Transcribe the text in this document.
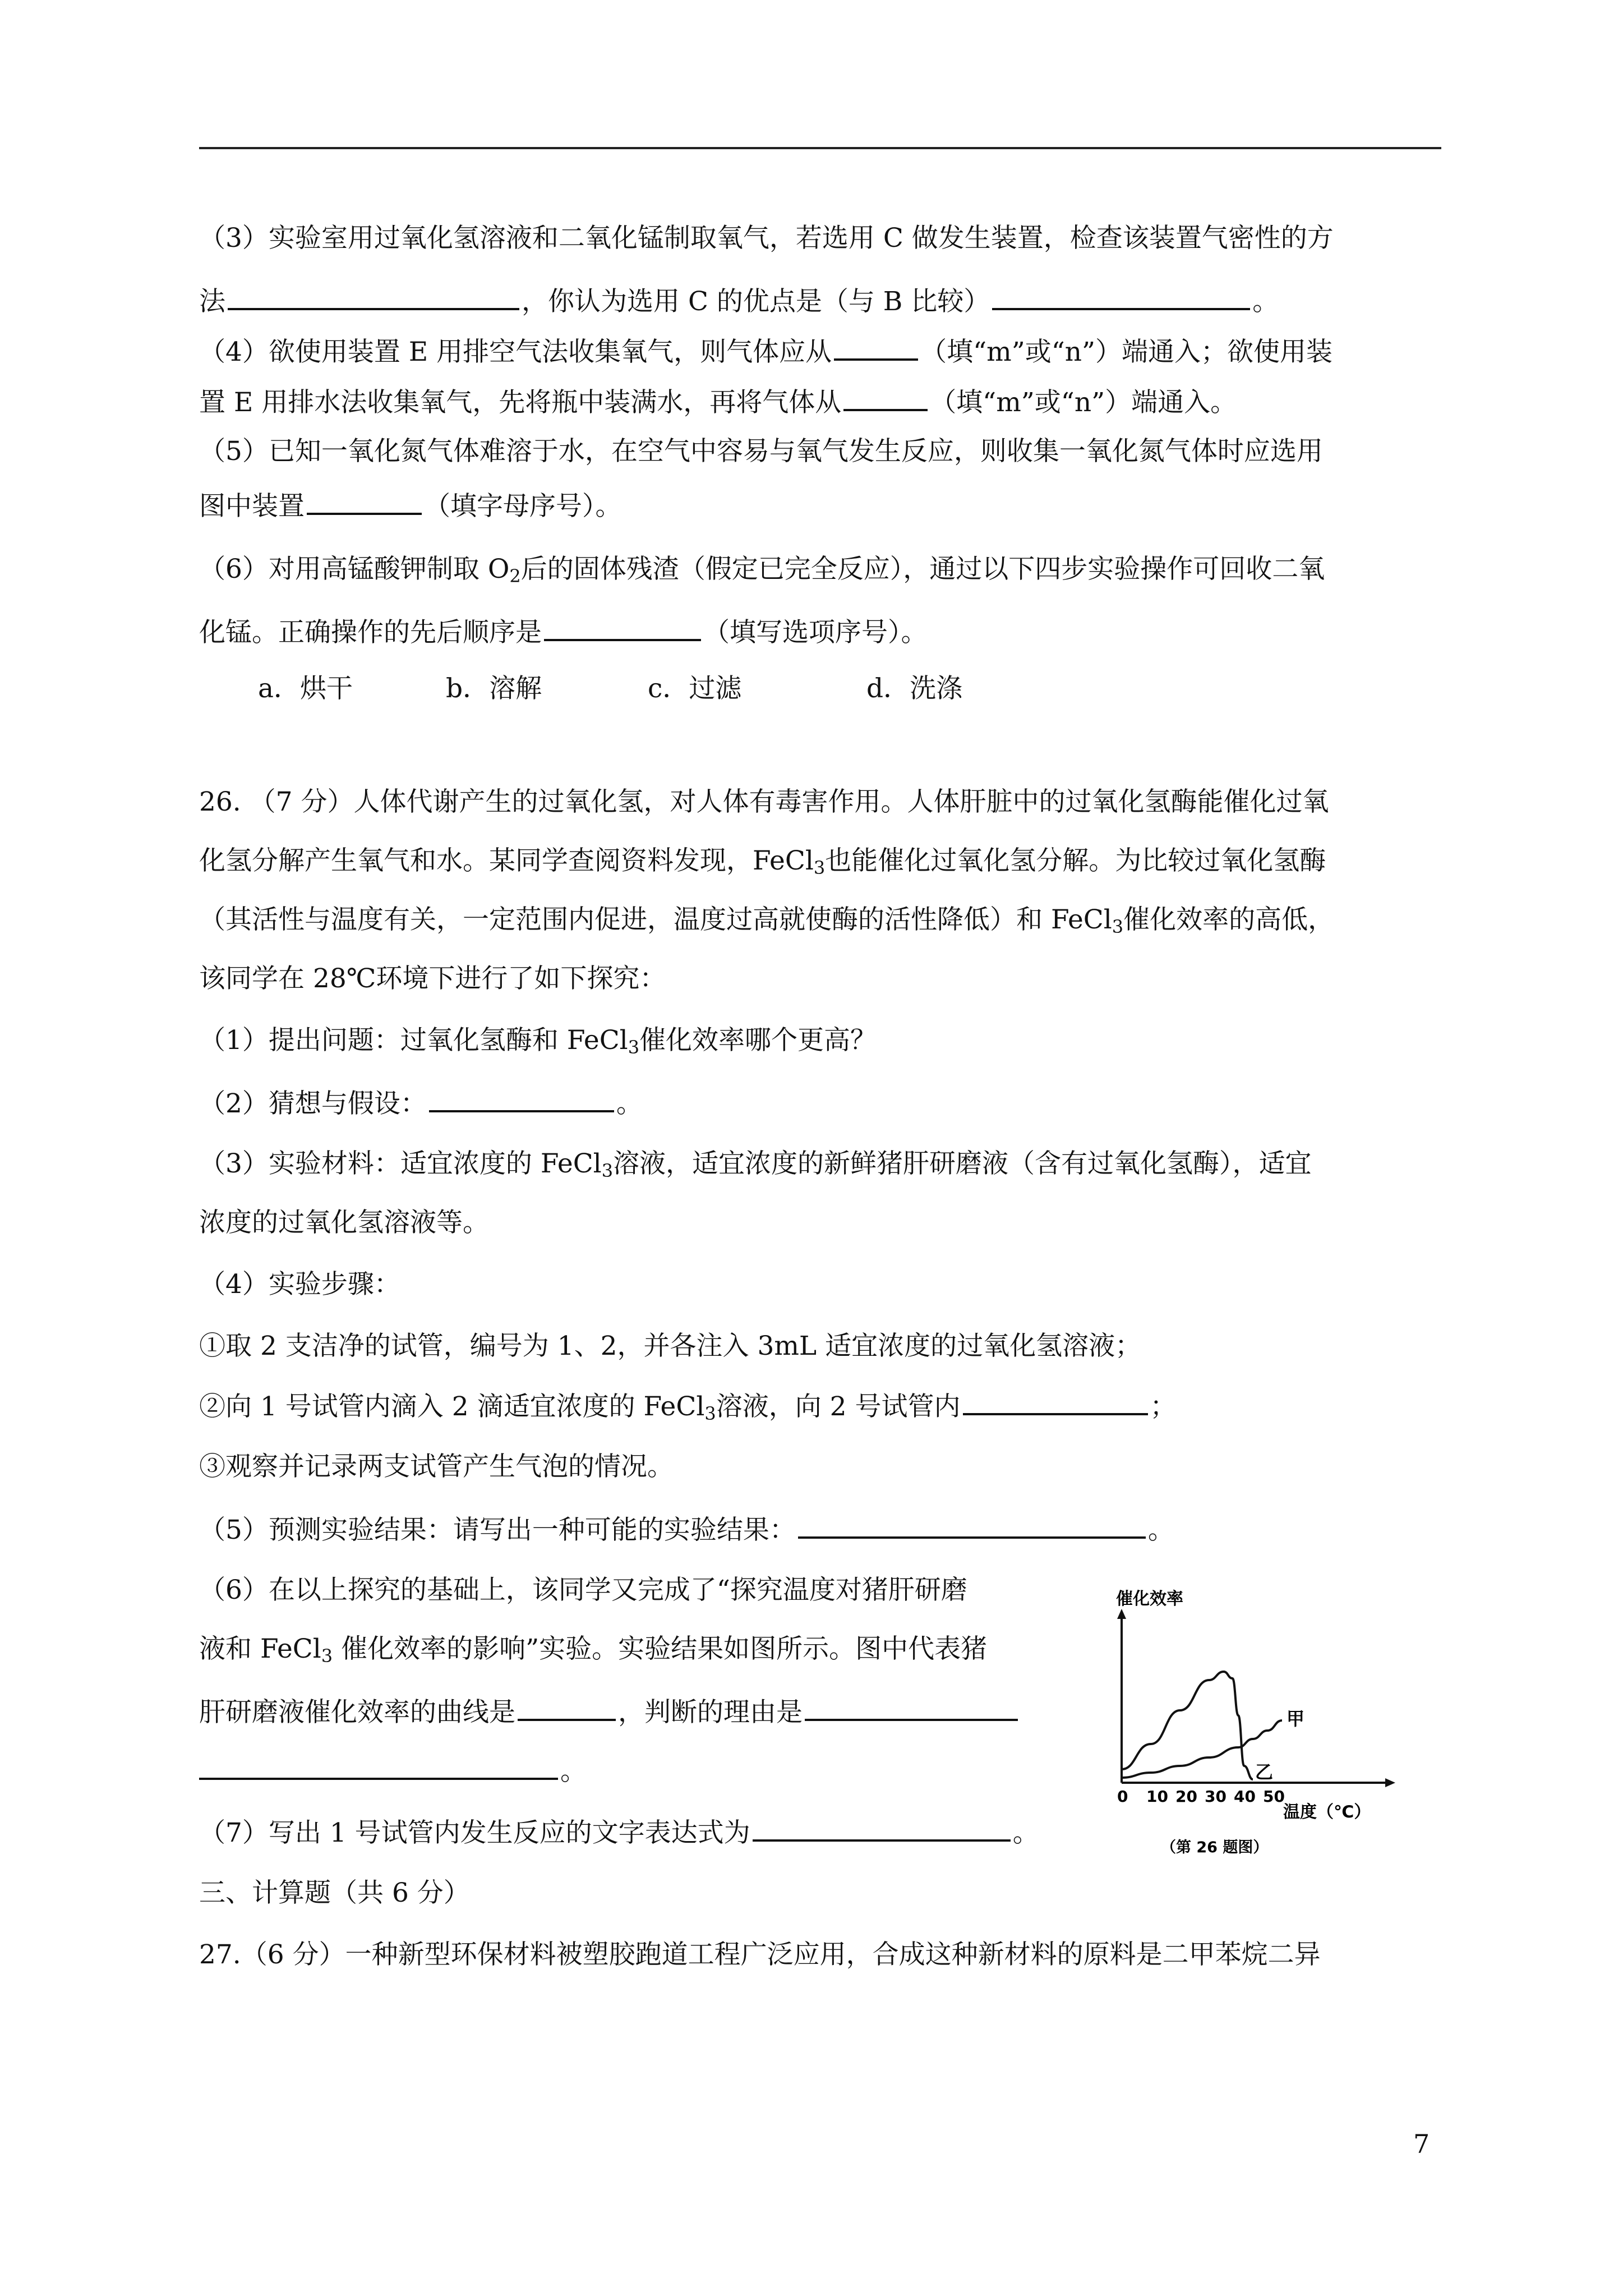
（3）实验室用过氧化氢溶液和二氧化锰制取氧气，若选用 C 做发生装置，检查该装置气密性的方
法	，你认为选用 C 的优点是（与 B 比较）	。
（4）欲使用装置 E 用排空气法收集氧气，则气体应从	（填“m”或“n”）端通入；欲使用装
置 E 用排水法收集氧气，先将瓶中装满水，再将气体从	（填“m”或“n”）端通入。
（5）已知一氧化氮气体难溶于水，在空气中容易与氧气发生反应，则收集一氧化氮气体时应选用
图中装置	（填字母序号）。
（6）对用高锰酸钾制取 $O_2$后的固体残渣（假定已完全反应），通过以下四步实验操作可回收二氧
化锰。正确操作的先后顺序是	（填写选项序号）。
a．烘干	b．溶解	c．过滤	d．洗涤
26. （7 分）人体代谢产生的过氧化氢，对人体有毒害作用。人体肝脏中的过氧化氢酶能催化过氧
化氢分解产生氧气和水。某同学查阅资料发现，FeCl$_3$也能催化过氧化氢分解。为比较过氧化氢酶
（其活性与温度有关，一定范围内促进，温度过高就使酶的活性降低）和 FeCl$_3$催化效率的高低，
该同学在 28℃环境下进行了如下探究：
（1）提出问题：过氧化氢酶和 FeCl$_3$催化效率哪个更高？
（2）猜想与假设：	。
（3）实验材料：适宜浓度的 FeCl$_3$溶液，适宜浓度的新鲜猪肝研磨液（含有过氧化氢酶），适宜
浓度的过氧化氢溶液等。
（4）实验步骤：
①取 2 支洁净的试管，编号为 1、2，并各注入 3mL 适宜浓度的过氧化氢溶液；
②向 1 号试管内滴入 2 滴适宜浓度的 FeCl$_3$溶液，向 2 号试管内	；
③观察并记录两支试管产生气泡的情况。
（5）预测实验结果：请写出一种可能的实验结果：	。
（6）在以上探究的基础上，该同学又完成了“探究温度对猪肝研磨
液和 FeCl$_3$ 催化效率的影响”实验。实验结果如图所示。图中代表猪
肝研磨液催化效率的曲线是	，判断的理由是
。
（7）写出 1 号试管内发生反应的文字表达式为	。
催化效率
0 10 20 30 40 50
甲
乙
温度（℃）
（第 26 题图）
三、计算题（共 6 分）
27.（6 分）一种新型环保材料被塑胶跑道工程广泛应用，合成这种新材料的原料是二甲苯烷二异
7
